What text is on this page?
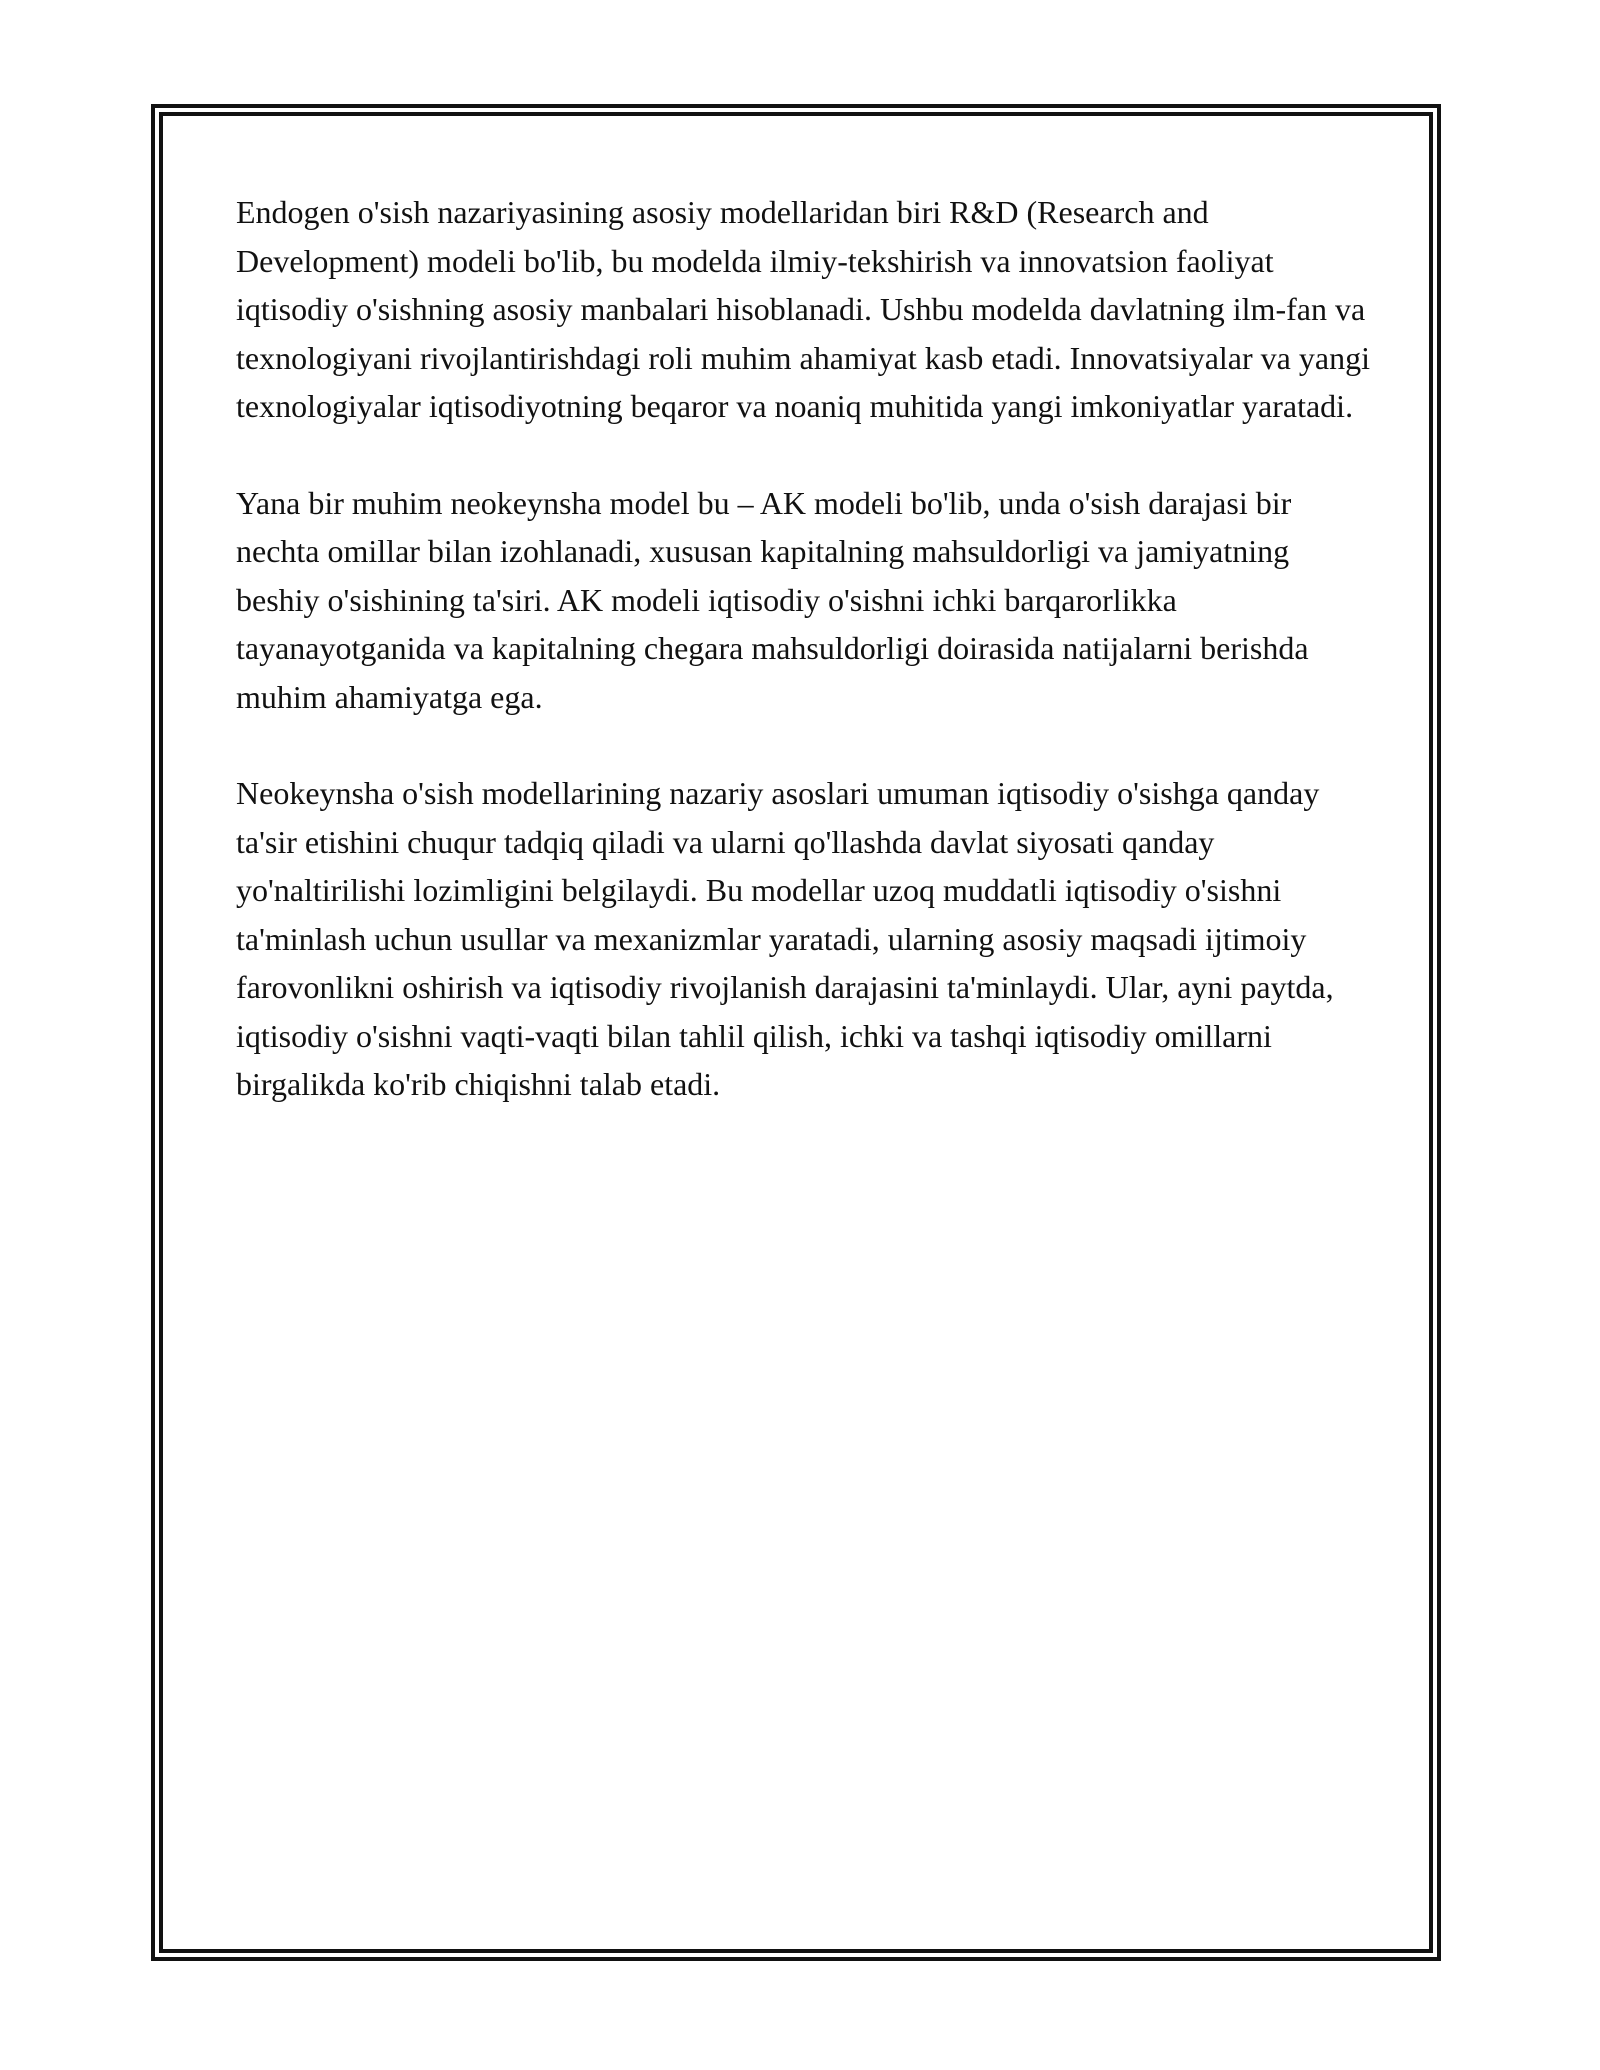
Endogen o'sish nazariyasining asosiy modellaridan biri R&D (Research and Development) modeli bo'lib, bu modelda ilmiy-tekshirish va innovatsion faoliyat iqtisodiy o'sishning asosiy manbalari hisoblanadi. Ushbu modelda davlatning ilm-fan va texnologiyani rivojlantirishdagi roli muhim ahamiyat kasb etadi. Innovatsiyalar va yangi texnologiyalar iqtisodiyotning beqaror va noaniq muhitida yangi imkoniyatlar yaratadi.

Yana bir muhim neokeynsha model bu – AK modeli bo'lib, unda o'sish darajasi bir nechta omillar bilan izohlanadi, xususan kapitalning mahsuldorligi va jamiyatning beshiy o'sishining ta'siri. AK modeli iqtisodiy o'sishni ichki barqarorlikka tayanayotganida va kapitalning chegara mahsuldorligi doirasida natijalarni berishda muhim ahamiyatga ega.

Neokeynsha o'sish modellarining nazariy asoslari umuman iqtisodiy o'sishga qanday ta'sir etishini chuqur tadqiq qiladi va ularni qo'llashda davlat siyosati qanday yo'naltirilishi lozimligini belgilaydi. Bu modellar uzoq muddatli iqtisodiy o'sishni ta'minlash uchun usullar va mexanizmlar yaratadi, ularning asosiy maqsadi ijtimoiy farovonlikni oshirish va iqtisodiy rivojlanish darajasini ta'minlaydi. Ular, ayni paytda, iqtisodiy o'sishni vaqti-vaqti bilan tahlil qilish, ichki va tashqi iqtisodiy omillarni birgalikda ko'rib chiqishni talab etadi.
